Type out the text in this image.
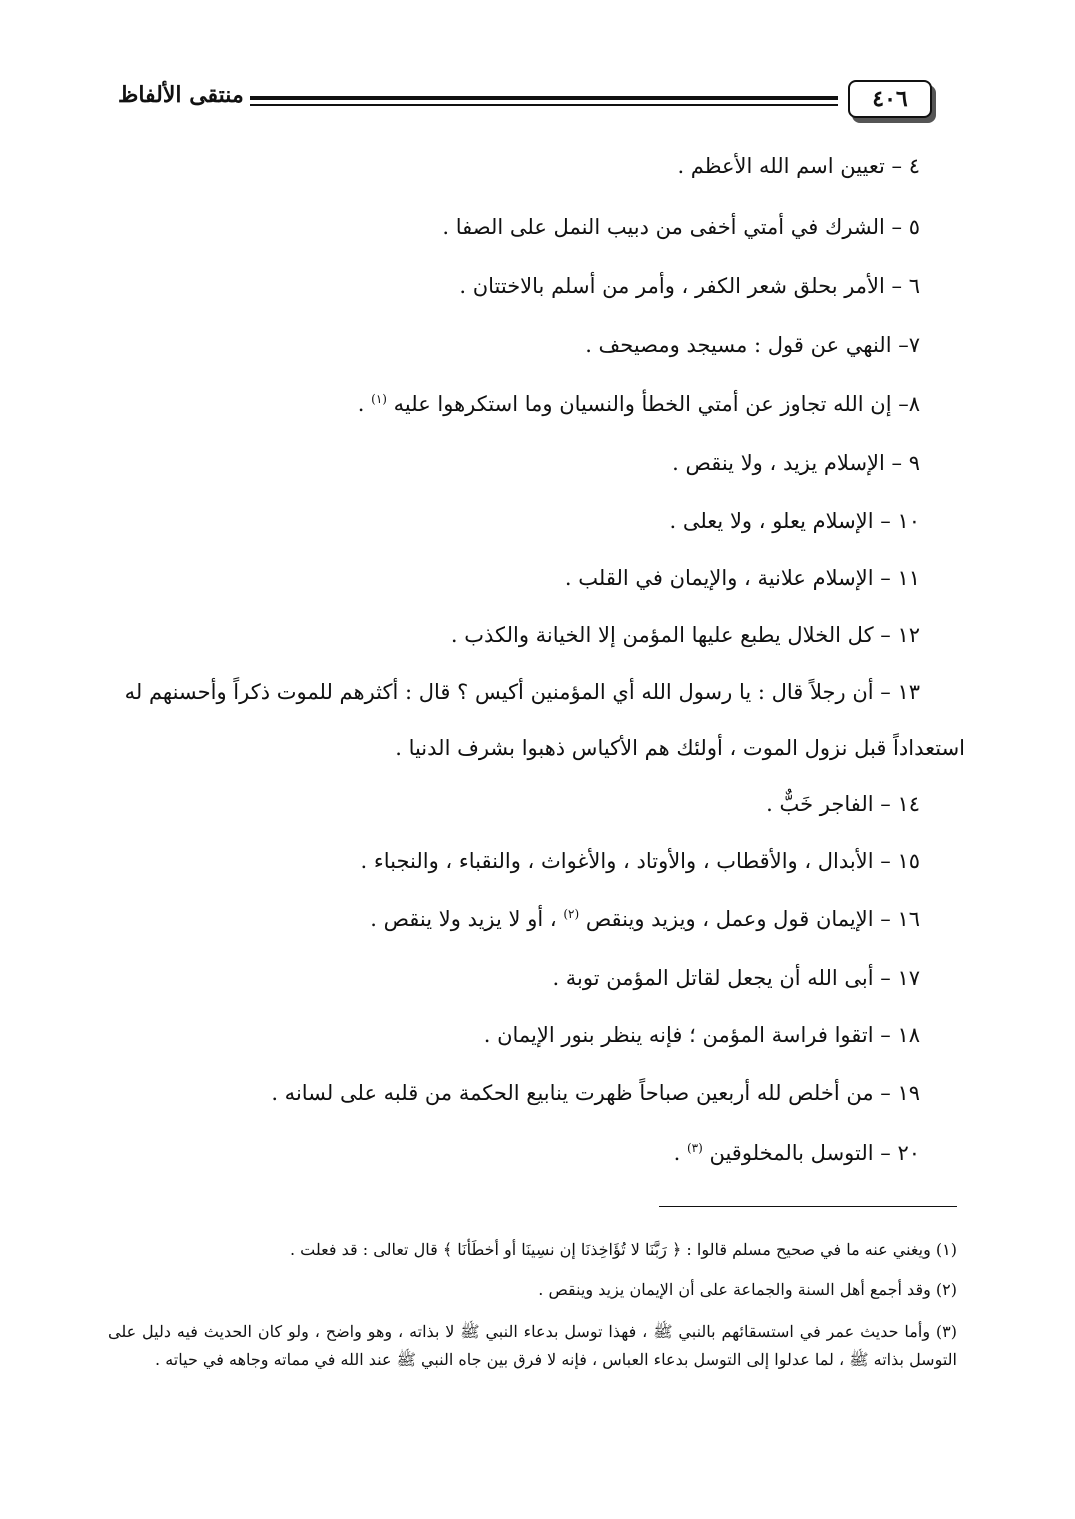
منتقى الألفاظ	٤٠٦
٤ – تعيين اسم الله الأعظم .
٥ – الشرك في أمتي أخفى من دبيب النمل على الصفا .
٦ – الأمر بحلق شعر الكفر ، وأمر من أسلم بالاختتان .
٧– النهي عن قول : مسيجد ومصيحف .
٨– إن الله تجاوز عن أمتي الخطأ والنسيان وما استكرهوا عليه $^{(١)}$ .
٩ – الإسلام يزيد ، ولا ينقص .
١٠ – الإسلام يعلو ، ولا يعلى .
١١ – الإسلام علانية ، والإيمان في القلب .
١٢ – كل الخلال يطبع عليها المؤمن إلا الخيانة والكذب .
١٣ – أن رجلاً قال : يا رسول الله أي المؤمنين أكيس ؟ قال : أكثرهم للموت ذكراً وأحسنهم له
استعداداً قبل نزول الموت ، أولئك هم الأكياس ذهبوا بشرف الدنيا .
١٤ – الفاجر خَبٌّ .
١٥ – الأبدال ، والأقطاب ، والأوتاد ، والأغواث ، والنقباء ، والنجباء .
١٦ – الإيمان قول وعمل ، ويزيد وينقص $^{(٢)}$ ، أو لا يزيد ولا ينقص .
١٧ – أبى الله أن يجعل لقاتل المؤمن توبة .
١٨ – اتقوا فراسة المؤمن ؛ فإنه ينظر بنور الإيمان .
١٩ – من أخلص لله أربعين صباحاً ظهرت ينابيع الحكمة من قلبه على لسانه .
٢٠ – التوسل بالمخلوقين $^{(٣)}$ .
(١) ويغني عنه ما في صحيح مسلم قالوا : ﴿ رَبَّنَا لا تُؤَاخِذنَا إن نسِينَا أو أخطَأنَا ﴾ قال تعالى : قد فعلت .
(٢) وقد أجمع أهل السنة والجماعة على أن الإيمان يزيد وينقص .
(٣) وأما حديث عمر في استسقائهم بالنبي ﷺ ، فهذا توسل بدعاء النبي ﷺ لا بذاته ، وهو واضح ، ولو كان الحديث فيه دليل على التوسل بذاته ﷺ ، لما عدلوا إلى التوسل بدعاء العباس ، فإنه لا فرق بين جاه النبي ﷺ عند الله في مماته وجاهه في حياته .
